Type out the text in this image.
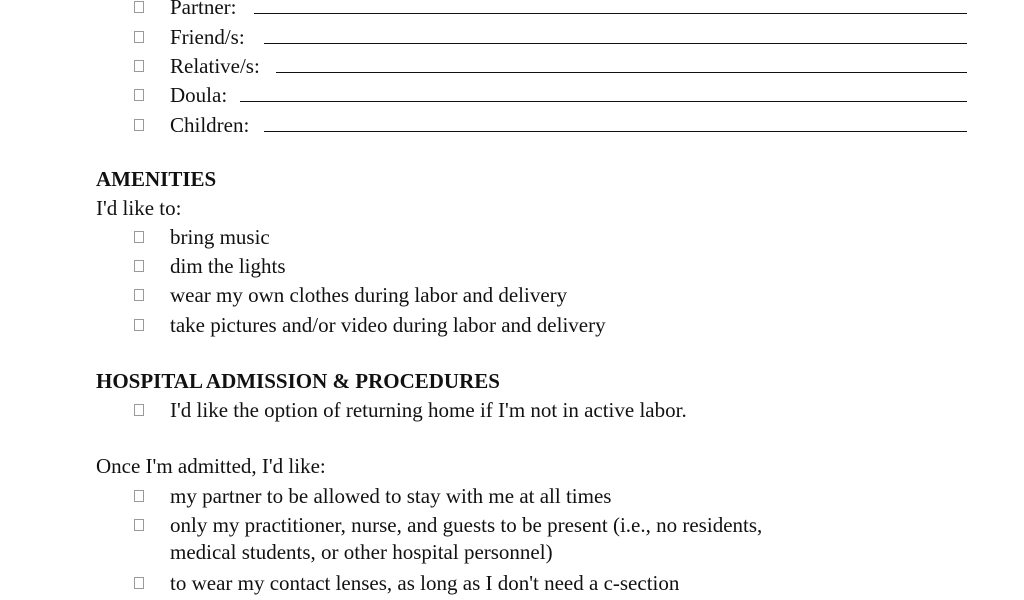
Partner:
Friend/s:
Relative/s:
Doula:
Children:
AMENITIES
I'd like to:
bring music
dim the lights
wear my own clothes during labor and delivery
take pictures and/or video during labor and delivery
HOSPITAL ADMISSION & PROCEDURES
I'd like the option of returning home if I'm not in active labor.
Once I'm admitted, I'd like:
my partner to be allowed to stay with me at all times
only my practitioner, nurse, and guests to be present (i.e., no residents,
medical students, or other hospital personnel)
to wear my contact lenses, as long as I don't need a c-section
